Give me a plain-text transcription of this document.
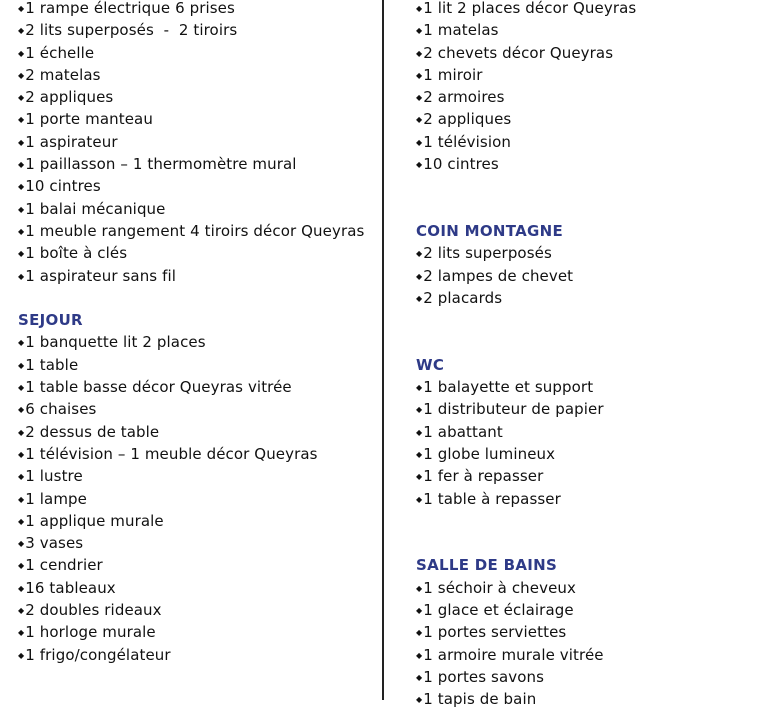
◆1 rampe électrique 6 prises
◆2 lits superposés  -  2 tiroirs
◆1 échelle
◆2 matelas
◆2 appliques
◆1 porte manteau
◆1 aspirateur
◆1 paillasson – 1 thermomètre mural
◆10 cintres
◆1 balai mécanique
◆1 meuble rangement 4 tiroirs décor Queyras
◆1 boîte à clés
◆1 aspirateur sans fil
SEJOUR
◆1 banquette lit 2 places
◆1 table
◆1 table basse décor Queyras vitrée
◆6 chaises
◆2 dessus de table
◆1 télévision – 1 meuble décor Queyras
◆1 lustre
◆1 lampe
◆1 applique murale
◆3 vases
◆1 cendrier
◆16 tableaux
◆2 doubles rideaux
◆1 horloge murale
◆1 frigo/congélateur
◆1 lit 2 places décor Queyras
◆1 matelas
◆2 chevets décor Queyras
◆1 miroir
◆2 armoires
◆2 appliques
◆1 télévision
◆10 cintres
COIN MONTAGNE
◆2 lits superposés
◆2 lampes de chevet
◆2 placards
WC
◆1 balayette et support
◆1 distributeur de papier
◆1 abattant
◆1 globe lumineux
◆1 fer à repasser
◆1 table à repasser
SALLE DE BAINS
◆1 séchoir à cheveux
◆1 glace et éclairage
◆1 portes serviettes
◆1 armoire murale vitrée
◆1 portes savons
◆1 tapis de bain
